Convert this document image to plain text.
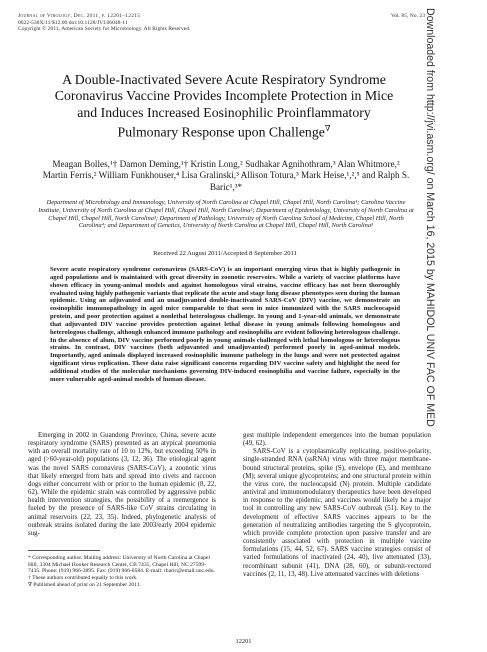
Journal of Virology, Dec. 2011, p. 12201–12215
0022-538X/11/$12.00 doi:10.1128/JVI.06048-11
Copyright © 2011, American Society for Microbiology. All Rights Reserved.
Vol. 85, No. 23
A Double-Inactivated Severe Acute Respiratory Syndrome Coronavirus Vaccine Provides Incomplete Protection in Mice and Induces Increased Eosinophilic Proinflammatory Pulmonary Response upon Challenge∇
Meagan Bolles,¹† Damon Deming,¹† Kristin Long,² Sudhakar Agnihothram,³ Alan Whitmore,² Martin Ferris,² William Funkhouser,⁴ Lisa Gralinski,³ Allison Totura,³ Mark Heise,¹,²,⁵ and Ralph S. Baric¹,³*
Department of Microbiology and Immunology, University of North Carolina at Chapel Hill, Chapel Hill, North Carolina¹; Carolina Vaccine Institute, University of North Carolina at Chapel Hill, Chapel Hill, North Carolina²; Department of Epidemiology, University of North Carolina at Chapel Hill, Chapel Hill, North Carolina³; Department of Pathology, University of North Carolina School of Medicine, Chapel Hill, North Carolina⁴; and Department of Genetics, University of North Carolina at Chapel Hill, Chapel Hill, North Carolina⁵
Received 22 August 2011/Accepted 8 September 2011
Severe acute respiratory syndrome coronavirus (SARS-CoV) is an important emerging virus that is highly pathogenic in aged populations and is maintained with great diversity in zoonotic reservoirs. While a variety of vaccine platforms have shown efficacy in young-animal models and against homologous viral strains, vaccine efficacy has not been thoroughly evaluated using highly pathogenic variants that replicate the acute and stage lung disease phenotypes seen during the human epidemic. Using an adjuvanted and an unadjuvanted double-inactivated SARS-CoV (DIV) vaccine, we demonstrate an eosinophilic immunopathology in aged mice comparable to that seen in mice immunized with the SARS nucleocapsid protein, and poor protection against a nonlethal heterologous challenge. In young and 1-year-old animals, we demonstrate that adjuvanted DIV vaccine provides protection against lethal disease in young animals following homologous and heterologous challenge, although enhanced immune pathology and eosinophilia are evident following heterologous challenge. In the absence of alum, DIV vaccine performed poorly in young animals challenged with lethal homologous or heterologous strains. In contrast, DIV vaccines (both adjuvanted and unadjuvanted) performed poorly in aged-animal models. Importantly, aged animals displayed increased eosinophilic immune pathology in the lungs and were not protected against significant virus replication. These data raise significant concerns regarding DIV vaccine safety and highlight the need for additional studies of the molecular mechanisms governing DIV-induced eosinophilia and vaccine failure, especially in the more vulnerable aged-animal models of human disease.

Emerging in 2002 in Guandong Province, China, severe acute respiratory syndrome (SARS) presented as an atypical pneumonia with an overall mortality rate of 10 to 12%, but exceeding 50% in aged (>60-year-old) populations (3, 12, 36). The etiological agent was the novel SARS coronavirus (SARS-CoV), a zoonotic virus that likely emerged from bats and spread into civets and raccoon dogs either concurrent with or prior to the human epidemic (8, 22, 62). While the epidemic strain was controlled by aggressive public health intervention strategies, the possibility of a reemergence is fueled by the presence of SARS-like CoV strains circulating in animal reservoirs (22, 23, 35). Indeed, phylogenetic analysis of outbreak strains isolated during the late 2003/early 2004 epidemic sug-

gest multiple independent emergences into the human population (49, 62).

SARS-CoV is a cytoplasmically replicating, positive-polarity, single-stranded RNA (ssRNA) virus with three major membrane-bound structural proteins, spike (S), envelope (E), and membrane (M); several unique glycoproteins; and one structural protein within the virus core, the nucleocapsid (N) protein. Multiple candidate antiviral and immunomodulatory therapeutics have been developed in response to the epidemic, and vaccines would likely be a major tool in controlling any new SARS-CoV outbreak (51). Key to the development of effective SARS vaccines appears to be the generation of neutralizing antibodies targeting the S glycoprotein, which provide complete protection upon passive transfer and are consistently associated with protection in multiple vaccine formulations (15, 44, 52, 67). SARS vaccine strategies consist of varied formulations of inactivated (24, 40), live attenuated (33), recombinant subunit (41), DNA (28, 60), or subunit-vectored vaccines (2, 11, 13, 48). Live attenuated vaccines with deletions

* Corresponding author. Mailing address: University of North Carolina at Chapel Hill, 3304 Michael Hooker Research Center, CB 7435, Chapel Hill, NC 27599-7435. Phone: (919) 966-3895. Fax: (919) 966-0584. E-mail: rbaric@email.unc.edu.
† These authors contributed equally to this work.
∇ Published ahead of print on 21 September 2011.
12201
Downloaded from http://jvi.asm.org/ on March 16, 2015 by MAHIDOL UNIV FAC OF MED
